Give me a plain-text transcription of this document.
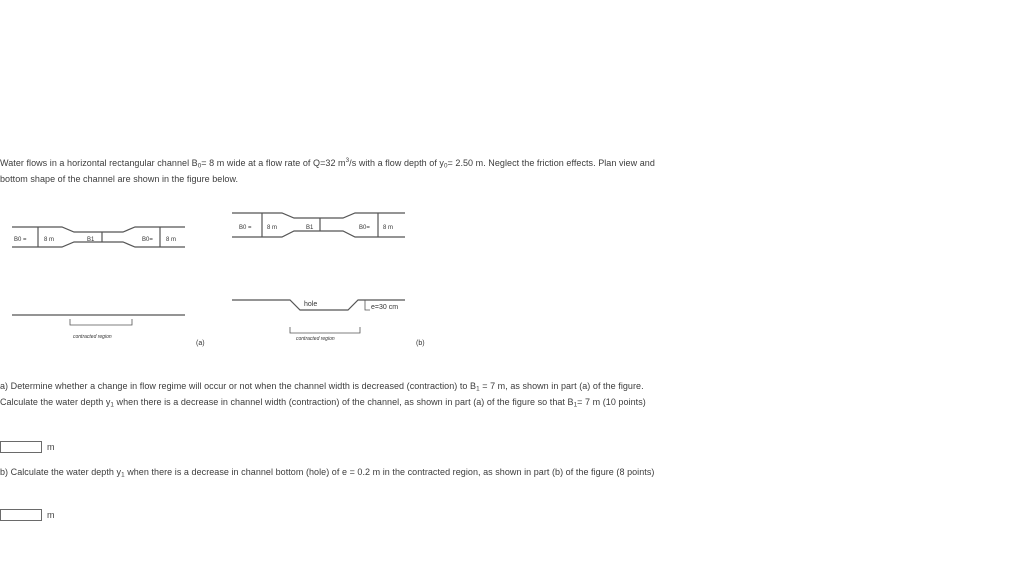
Water flows in a horizontal rectangular channel $B_0= 8$ m wide at a flow rate of Q=32 $m^3/s$ with a flow depth of $y_0= 2.50$ m. Neglect the friction effects. Plan view and bottom shape of the channel are shown in the figure below.

B0 =	8 m	B1	B0= 8 m
contracted region
(a)
B0 =	8 m	B1	B0= 8 m
hole	e=30 cm
contracted region
(b)

a) Determine whether a change in flow regime will occur or not when the channel width is decreased (contraction) to $B_1 = 7$ m, as shown in part (a) of the figure. Calculate the water depth $y_1$ when there is a decrease in channel width (contraction) of the channel, as shown in part (a) of the figure so that $B_1= 7$ m (10 points)

m

b) Calculate the water depth $y_1$ when there is a decrease in channel bottom (hole) of e = 0.2 m in the contracted region, as shown in part (b) of the figure (8 points)

m
